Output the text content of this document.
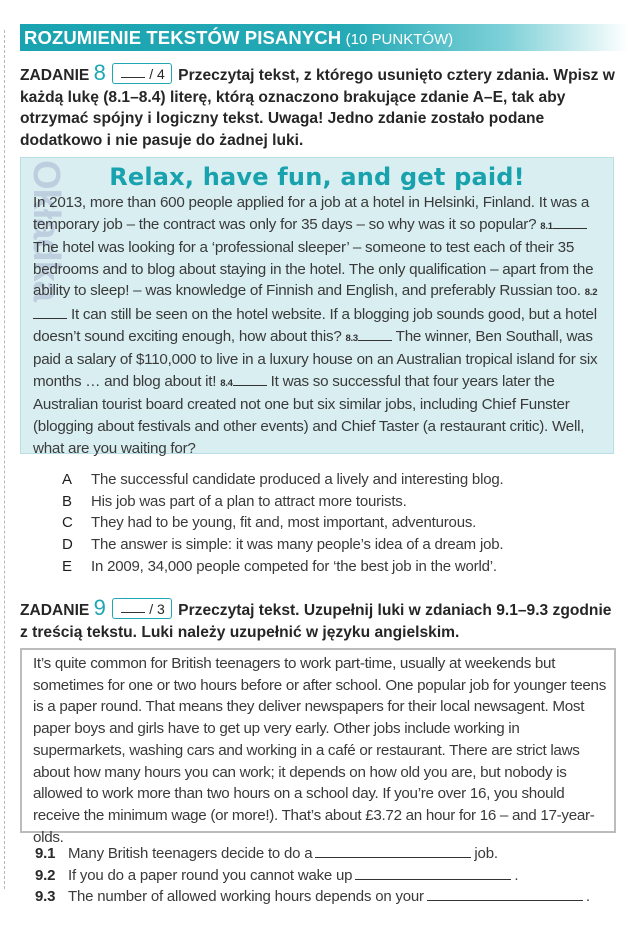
ROZUMIENIE TEKSTÓW PISANYCH (10 PUNKTÓW)
ZADANIE 8	/ 4 Przeczytaj tekst, z którego usunięto cztery zdania. Wpisz w każdą lukę (8.1–8.4) literę, którą oznaczono brakujące zdanie A–E, tak aby otrzymać spójny i logiczny tekst. Uwaga! Jedno zdanie zostało podane dodatkowo i nie pasuje do żadnej luki.
Okładka	Relax, have fun, and get paid!
In 2013, more than 600 people applied for a job at a hotel in Helsinki, Finland. It was a temporary job – the contract was only for 35 days – so why was it so popular? 8.1 The hotel was looking for a ‘professional sleeper’ – someone to test each of their 35 bedrooms and to blog about staying in the hotel. The only qualification – apart from the ability to sleep! – was knowledge of Finnish and English, and preferably Russian too. 8.2 It can still be seen on the hotel website. If a blogging job sounds good, but a hotel doesn’t sound exciting enough, how about this? 8.3 The winner, Ben Southall, was paid a salary of $110,000 to live in a luxury house on an Australian tropical island for six months … and blog about it! 8.4 It was so successful that four years later the Australian tourist board created not one but six similar jobs, including Chief Funster (blogging about festivals and other events) and Chief Taster (a restaurant critic). Well, what are you waiting for?
A	The successful candidate produced a lively and interesting blog.
B	His job was part of a plan to attract more tourists.
C	They had to be young, fit and, most important, adventurous.
D	The answer is simple: it was many people’s idea of a dream job.
E	In 2009, 34,000 people competed for ‘the best job in the world’.
ZADANIE 9	/ 3 Przeczytaj tekst. Uzupełnij luki w zdaniach 9.1–9.3 zgodnie z treścią tekstu. Luki należy uzupełnić w języku angielskim.
It’s quite common for British teenagers to work part-time, usually at weekends but sometimes for one or two hours before or after school. One popular job for younger teens is a paper round. That means they deliver newspapers for their local newsagent. Most paper boys and girls have to get up very early. Other jobs include working in supermarkets, washing cars and working in a café or restaurant. There are strict laws about how many hours you can work; it depends on how old you are, but nobody is allowed to work more than two hours on a school day. If you’re over 16, you should receive the minimum wage (or more!). That’s about £3.72 an hour for 16 – and 17-year-olds.
9.1 Many British teenagers decide to do a	job.
9.2 If you do a paper round you cannot wake up	.
9.3 The number of allowed working hours depends on your	.
